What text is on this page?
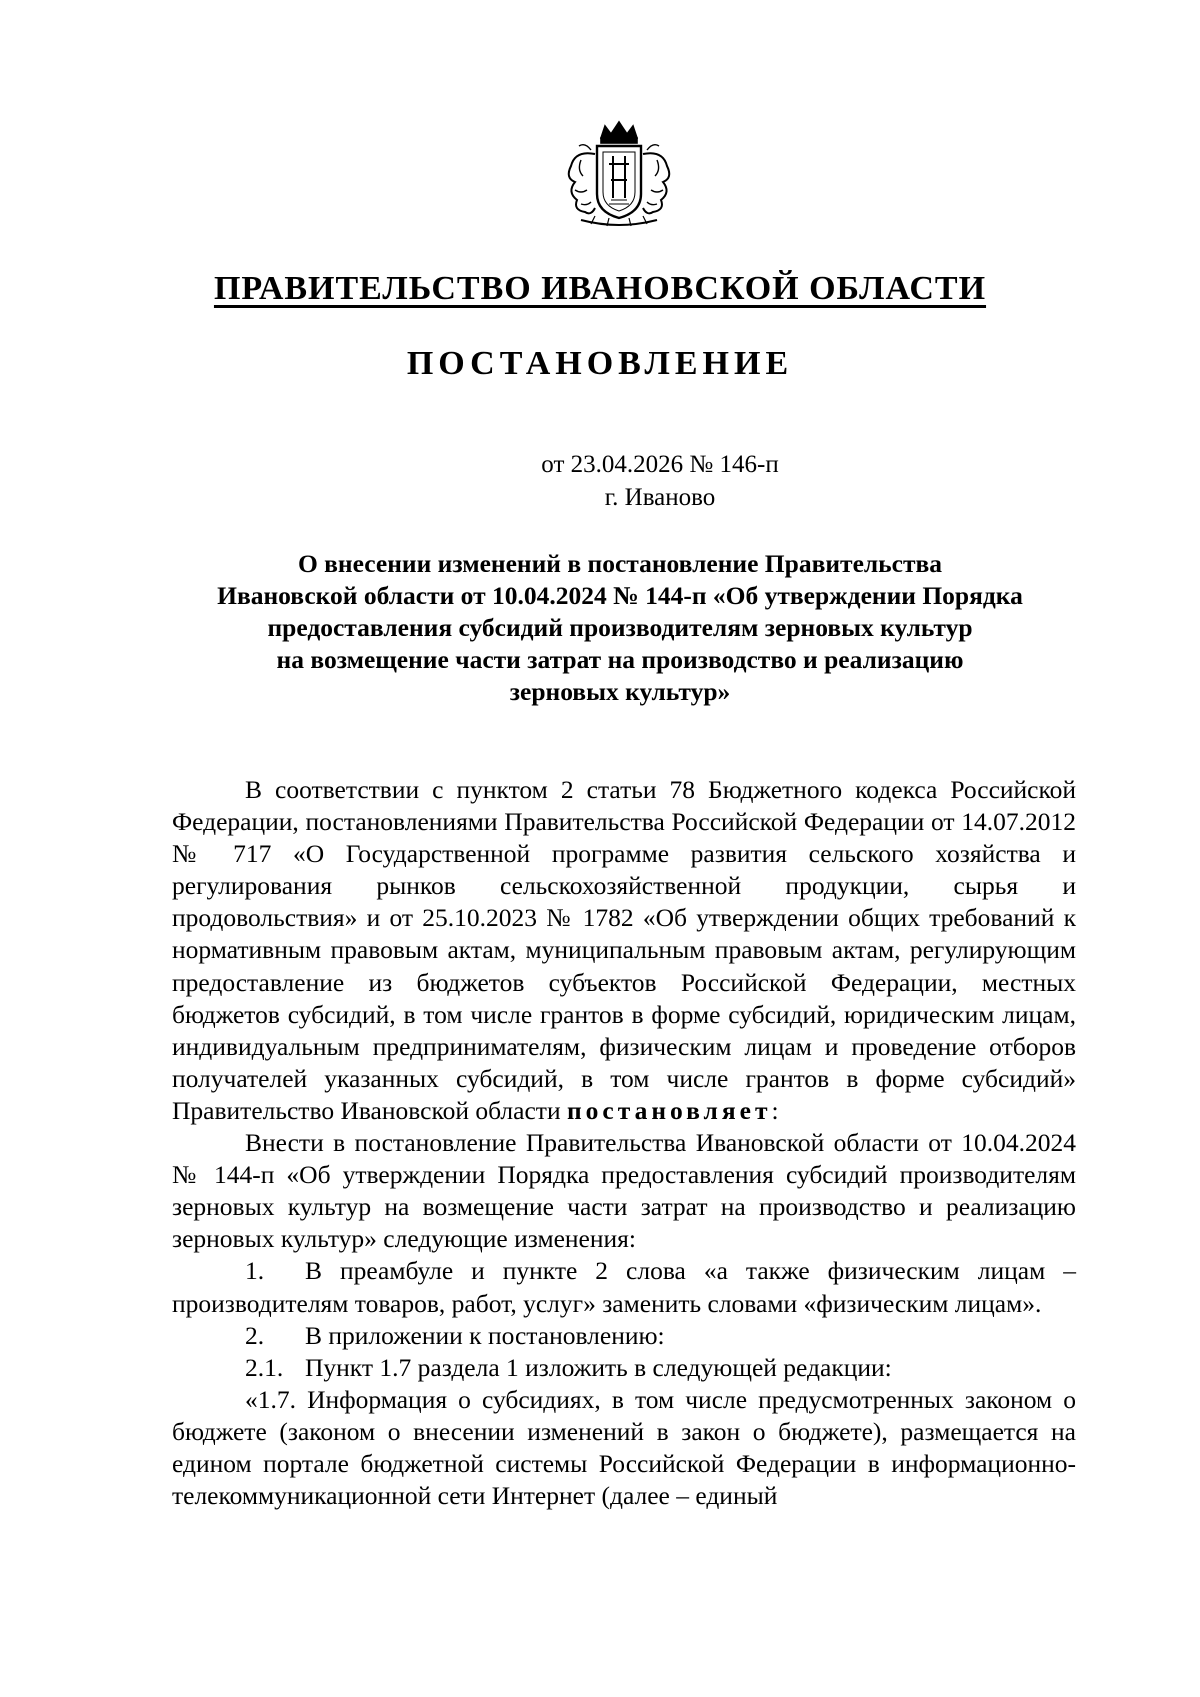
ПРАВИТЕЛЬСТВО ИВАНОВСКОЙ ОБЛАСТИ
ПОСТАНОВЛЕНИЕ
от 23.04.2026 № 146-п
г. Иваново
О внесении изменений в постановление Правительства
Ивановской области от 10.04.2024 № 144-п «Об утверждении Порядка
предоставления субсидий производителям зерновых культур
на возмещение части затрат на производство и реализацию
зерновых культур»

В соответствии с пунктом 2 статьи 78 Бюджетного кодекса Российской Федерации, постановлениями Правительства Российской Федерации от 14.07.2012 № 717 «О Государственной программе развития сельского хозяйства и регулирования рынков сельскохозяйственной продукции, сырья и продовольствия» и от 25.10.2023 № 1782 «Об утверждении общих требований к нормативным правовым актам, муниципальным правовым актам, регулирующим предоставление из бюджетов субъектов Российской Федерации, местных бюджетов субсидий, в том числе грантов в форме субсидий, юридическим лицам, индивидуальным предпринимателям, физическим лицам и проведение отборов получателей указанных субсидий, в том числе грантов в форме субсидий» Правительство Ивановской области постановляет:

Внести в постановление Правительства Ивановской области от 10.04.2024 № 144-п «Об утверждении Порядка предоставления субсидий производителям зерновых культур на возмещение части затрат на производство и реализацию зерновых культур» следующие изменения:

1. В преамбуле и пункте 2 слова «а также физическим лицам – производителям товаров, работ, услуг» заменить словами «физическим лицам».

2. В приложении к постановлению:

2.1. Пункт 1.7 раздела 1 изложить в следующей редакции:

«1.7. Информация о субсидиях, в том числе предусмотренных законом о бюджете (законом о внесении изменений в закон о бюджете), размещается на едином портале бюджетной системы Российской Федерации в информационно-телекоммуникационной сети Интернет (далее – единый
